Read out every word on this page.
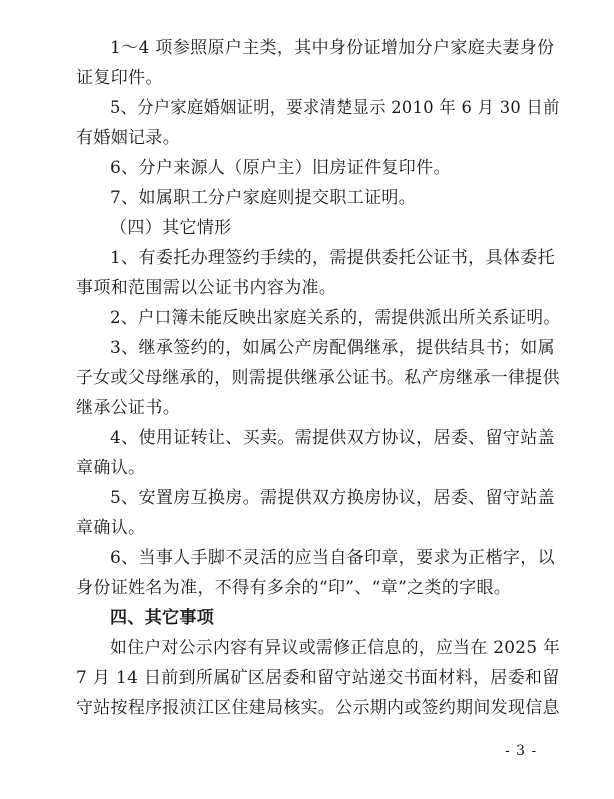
1～4 项参照原户主类，其中身份证增加分户家庭夫妻身份
证复印件。
5、分户家庭婚姻证明，要求清楚显示 2010 年 6 月 30 日前
有婚姻记录。
6、分户来源人（原户主）旧房证件复印件。
7、如属职工分户家庭则提交职工证明。
（四）其它情形
1、有委托办理签约手续的，需提供委托公证书，具体委托
事项和范围需以公证书内容为准。
2、户口簿未能反映出家庭关系的，需提供派出所关系证明。
3、继承签约的，如属公产房配偶继承，提供结具书；如属
子女或父母继承的，则需提供继承公证书。私产房继承一律提供
继承公证书。
4、使用证转让、买卖。需提供双方协议，居委、留守站盖
章确认。
5、安置房互换房。需提供双方换房协议，居委、留守站盖
章确认。
6、当事人手脚不灵活的应当自备印章，要求为正楷字，以
身份证姓名为准，不得有多余的“印”、“章”之类的字眼。
四、其它事项
如住户对公示内容有异议或需修正信息的，应当在 2025 年
7 月 14 日前到所属矿区居委和留守站递交书面材料，居委和留
守站按程序报浈江区住建局核实。公示期内或签约期间发现信息
- 3 -
